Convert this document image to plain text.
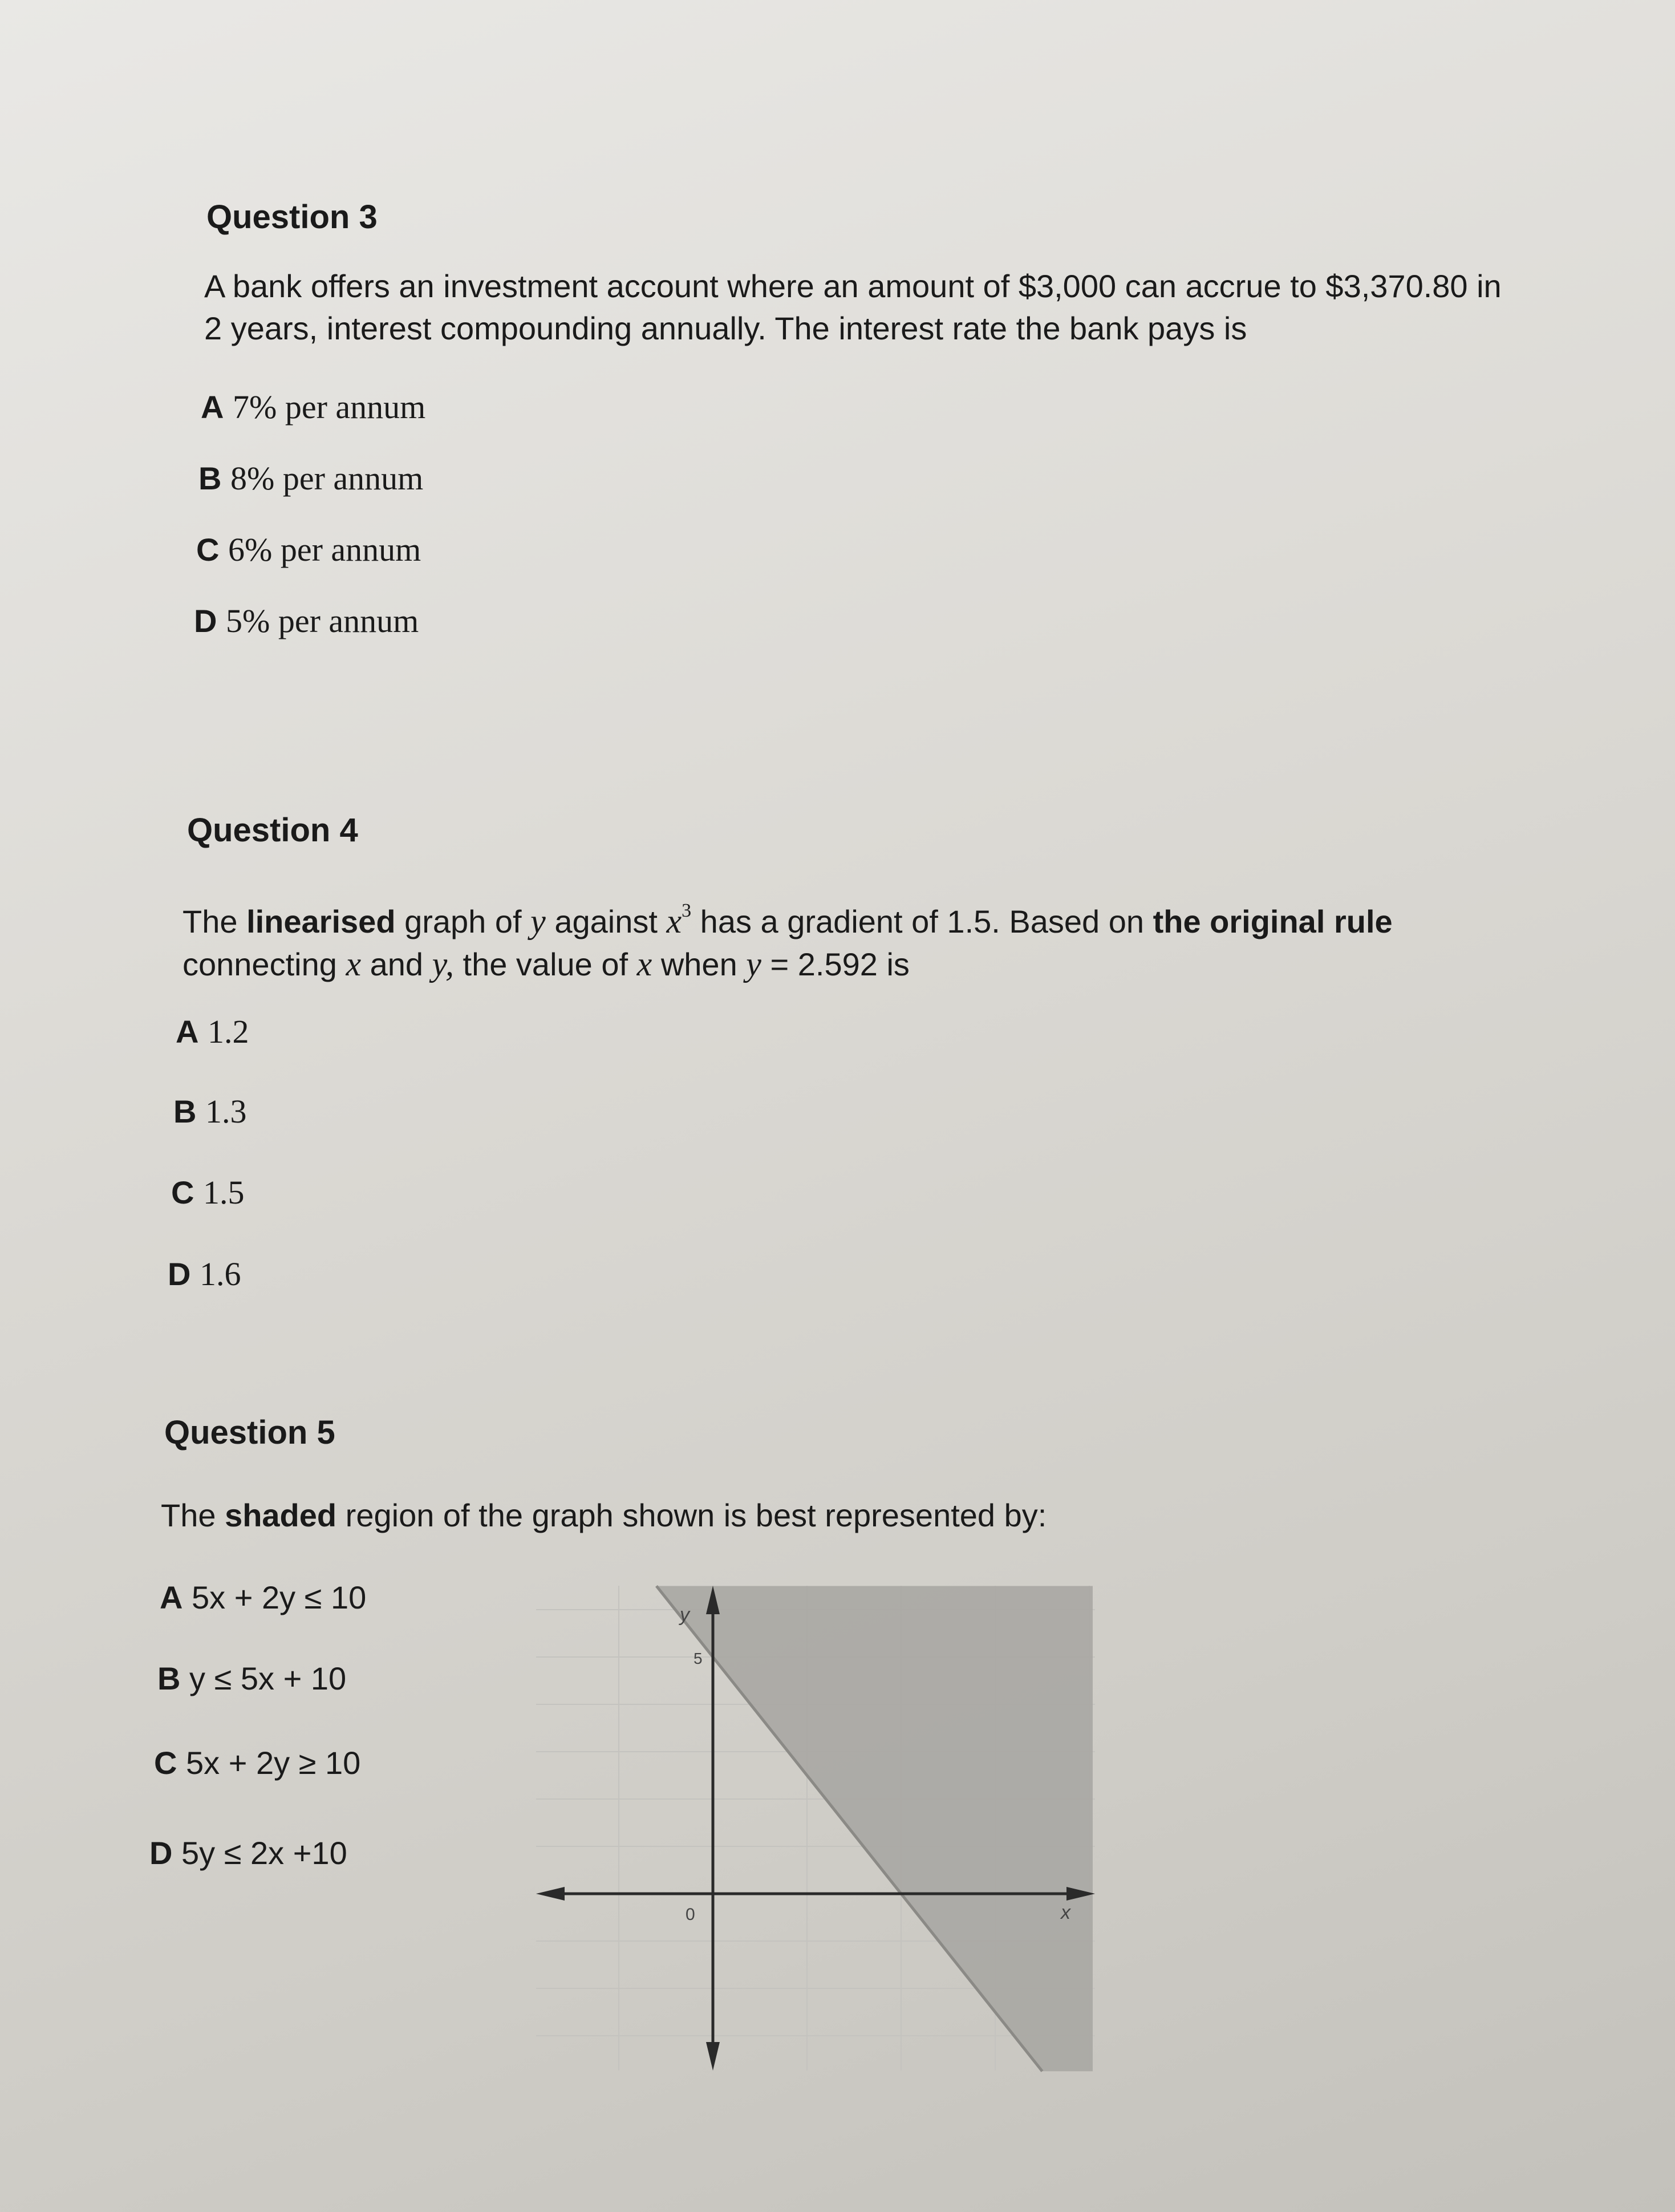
Question 3

A bank offers an investment account where an amount of $3,000 can accrue to $3,370.80 in
2 years, interest compounding annually. The interest rate the bank pays is

A 7% per annum

B 8% per annum

C 6% per annum

D 5% per annum

Question 4

The linearised graph of y against $x^3$ has a gradient of 1.5. Based on the original rule
connecting x and y, the value of x when y = 2.592 is

A 1.2

B 1.3

C 1.5

D 1.6

Question 5

The shaded region of the graph shown is best represented by:

A 5x + 2y ≤ 10

B y ≤ 5x + 10

C 5x + 2y ≥ 10

D 5y ≤ 2x +10

y
x
5
0
